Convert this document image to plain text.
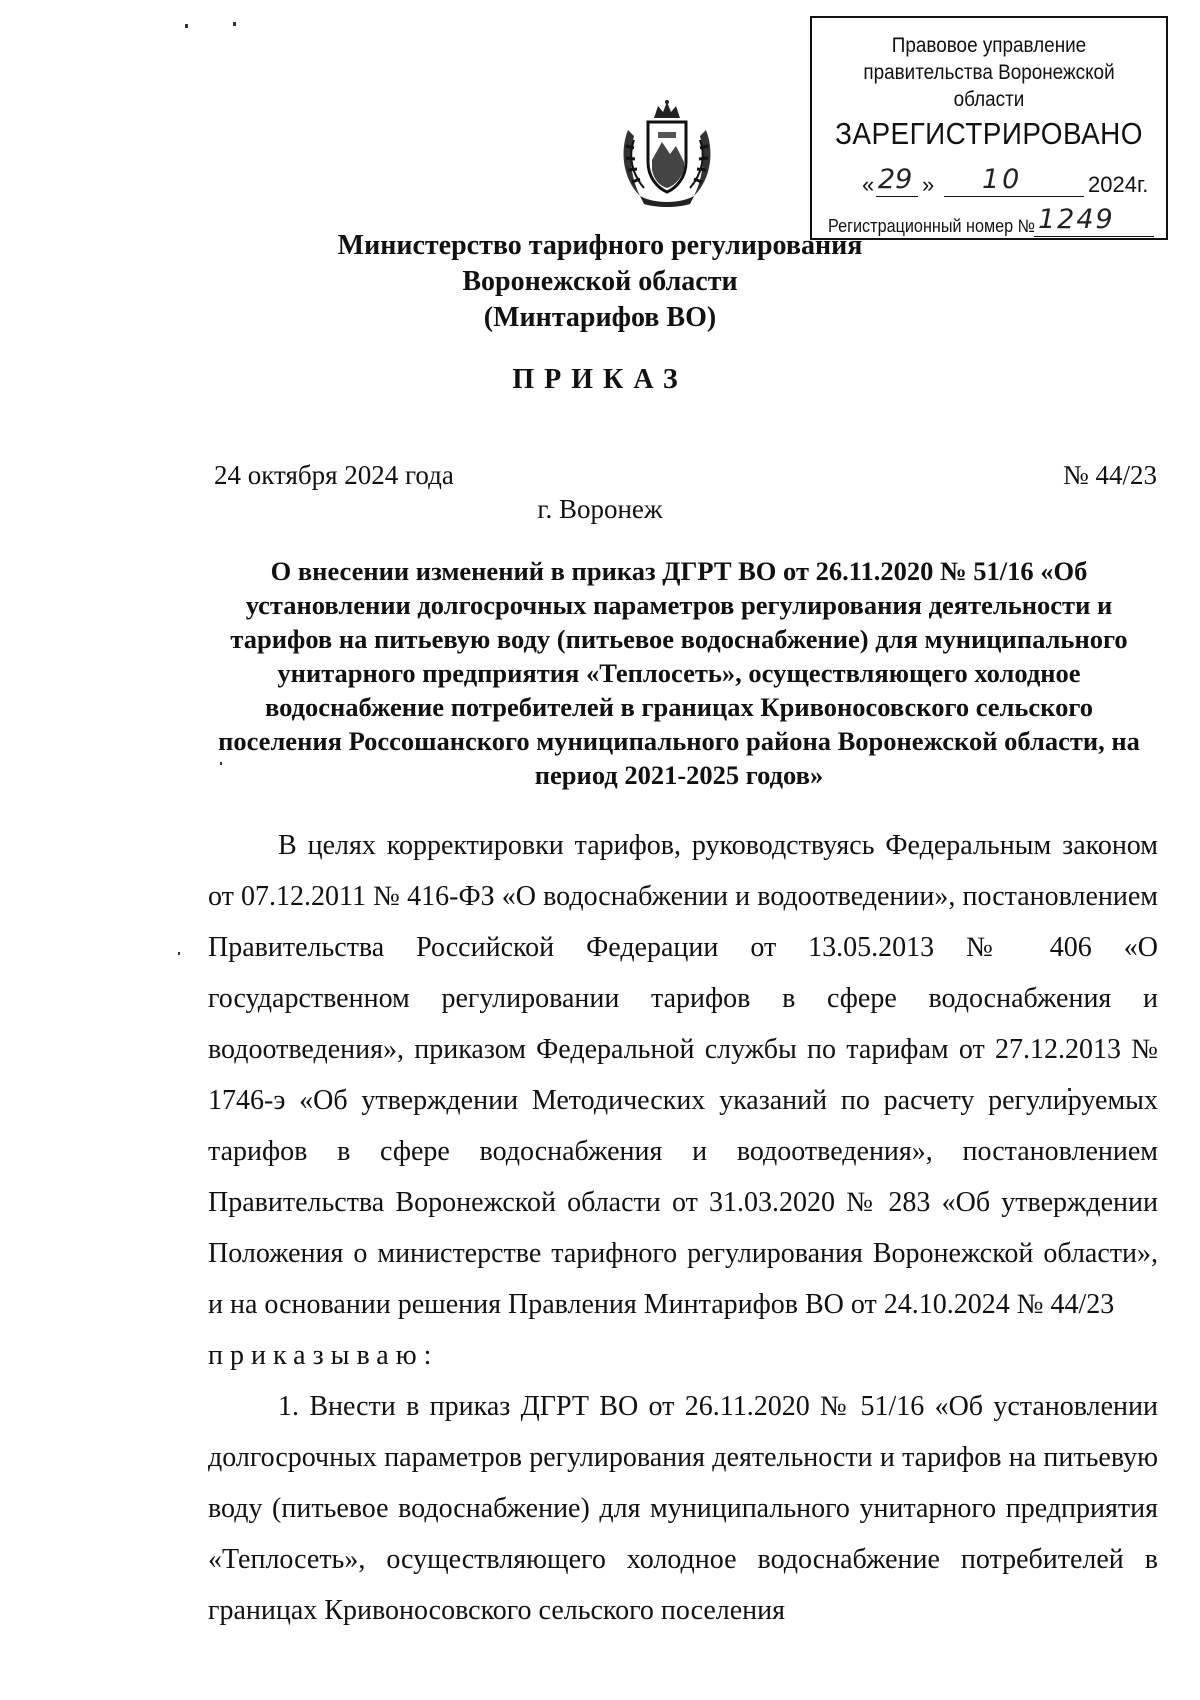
Правовое управление правительства Воронежской области
ЗАРЕГИСТРИРОВАНО
« 29 » 10	2024г.
Регистрационный номер № 1249
Министерство тарифного регулирования
Воронежской области
(Минтарифов ВО)
ПРИКАЗ
24 октября 2024 года	№ 44/23
г. Воронеж
О внесении изменений в приказ ДГРТ ВО от 26.11.2020 № 51/16 «Об установлении долгосрочных параметров регулирования деятельности и тарифов на питьевую воду (питьевое водоснабжение) для муниципального унитарного предприятия «Теплосеть», осуществляющего холодное водоснабжение потребителей в границах Кривоносовского сельского поселения Россошанского муниципального района Воронежской области, на период 2021-2025 годов»

В целях корректировки тарифов, руководствуясь Федеральным законом от 07.12.2011 № 416-ФЗ «О водоснабжении и водоотведении», постановлением Правительства Российской Федерации от 13.05.2013 № 406 «О государственном регулировании тарифов в сфере водоснабжения и водоотведения», приказом Федеральной службы по тарифам от 27.12.2013 № 1746-э «Об утверждении Методических указаний по расчету регулируемых тарифов в сфере водоснабжения и водоотведения», постановлением Правительства Воронежской области от 31.03.2020 № 283 «Об утверждении Положения о министерстве тарифного регулирования Воронежской области», и на основании решения Правления Минтарифов ВО от 24.10.2024 № 44/23

приказываю:

1. Внести в приказ ДГРТ ВО от 26.11.2020 № 51/16 «Об установлении долгосрочных параметров регулирования деятельности и тарифов на питьевую воду (питьевое водоснабжение) для муниципального унитарного предприятия «Теплосеть», осуществляющего холодное водоснабжение потребителей в границах Кривоносовского сельского поселения
